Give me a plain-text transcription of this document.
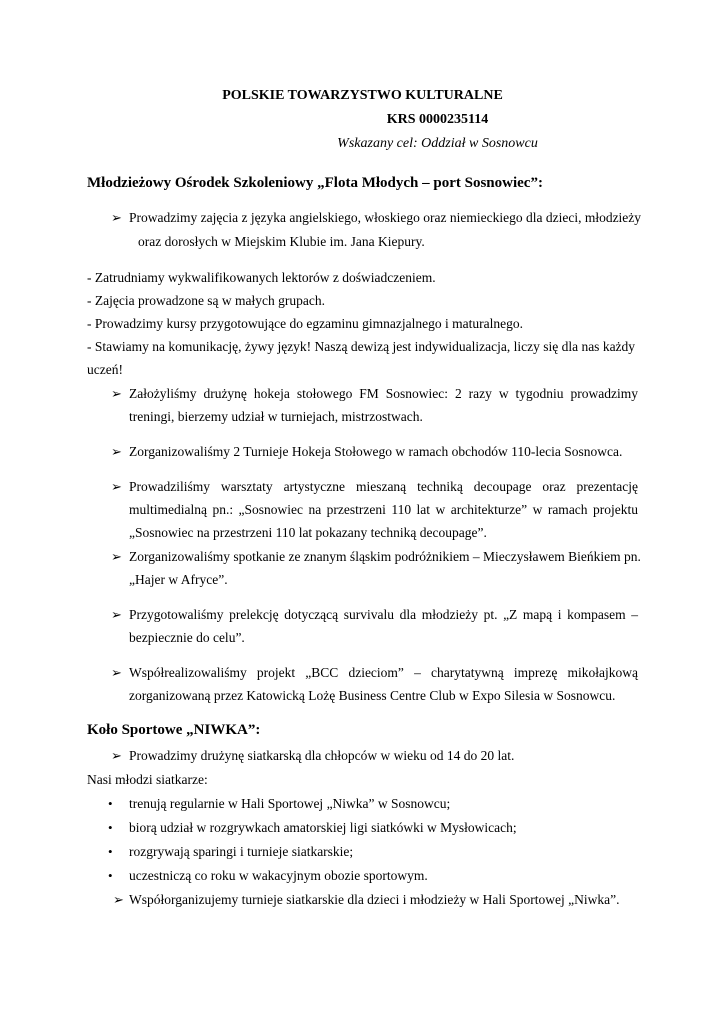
POLSKIE TOWARZYSTWO KULTURALNE
KRS 0000235114
Wskazany cel: Oddział w Sosnowcu
Młodzieżowy Ośrodek Szkoleniowy „Flota Młodych – port Sosnowiec”:
➢ Prowadzimy zajęcia z języka angielskiego, włoskiego oraz niemieckiego dla dzieci, młodzieży
oraz dorosłych w Miejskim Klubie im. Jana Kiepury.
- Zatrudniamy wykwalifikowanych lektorów z doświadczeniem.
- Zajęcia prowadzone są w małych grupach.
- Prowadzimy kursy przygotowujące do egzaminu gimnazjalnego i maturalnego.
- Stawiamy na komunikację, żywy język! Naszą dewizą jest indywidualizacja, liczy się dla nas każdy
uczeń!
➢ Założyliśmy drużynę hokeja stołowego FM Sosnowiec: 2 razy w tygodniu prowadzimy
treningi, bierzemy udział w turniejach, mistrzostwach.
➢ Zorganizowaliśmy 2 Turnieje Hokeja Stołowego w ramach obchodów 110-lecia Sosnowca.
➢ Prowadziliśmy warsztaty artystyczne mieszaną techniką decoupage oraz prezentację
multimedialną pn.: „Sosnowiec na przestrzeni 110 lat w architekturze” w ramach projektu
„Sosnowiec na przestrzeni 110 lat pokazany techniką decoupage”.
➢ Zorganizowaliśmy spotkanie ze znanym śląskim podróżnikiem – Mieczysławem Bieńkiem pn.
„Hajer w Afryce”.
➢ Przygotowaliśmy prelekcję dotyczącą survivalu dla młodzieży pt. „Z mapą i kompasem –
bezpiecznie do celu”.
➢ Współrealizowaliśmy projekt „BCC dzieciom” – charytatywną imprezę mikołajkową
zorganizowaną przez Katowicką Lożę Business Centre Club w Expo Silesia w Sosnowcu.
Koło Sportowe „NIWKA”:
➢ Prowadzimy drużynę siatkarską dla chłopców w wieku od 14 do 20 lat.
Nasi młodzi siatkarze:
• trenują regularnie w Hali Sportowej „Niwka” w Sosnowcu;
• biorą udział w rozgrywkach amatorskiej ligi siatkówki w Mysłowicach;
• rozgrywają sparingi i turnieje siatkarskie;
• uczestniczą co roku w wakacyjnym obozie sportowym.
➢ Współorganizujemy turnieje siatkarskie dla dzieci i młodzieży w Hali Sportowej „Niwka”.
